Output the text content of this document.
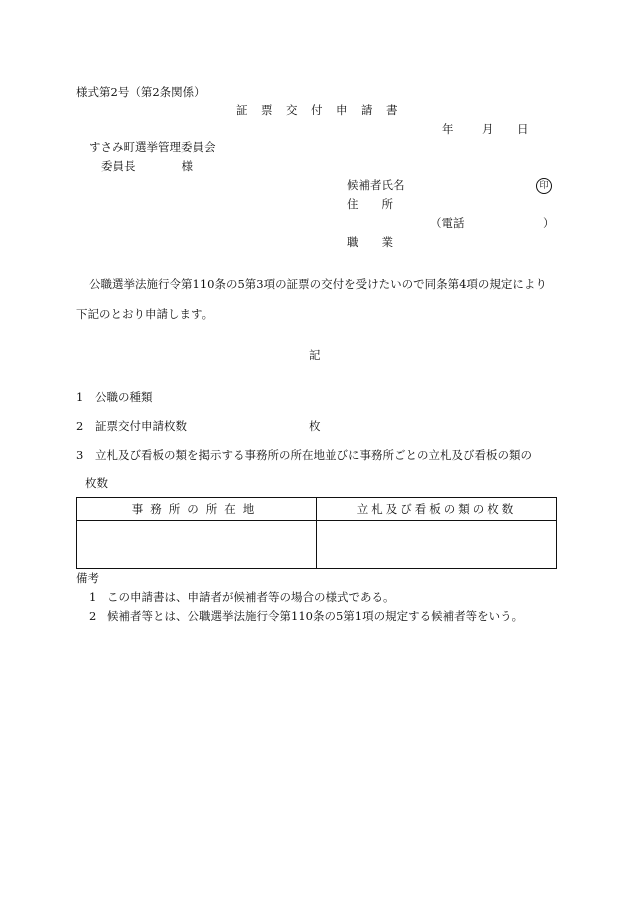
様式第2号（第2条関係）
証　票　交　付　申　請　書
年 月 日
すさみ町選挙管理委員会
委員長　　　　様
候補者氏名	印
住　　所
（電話	）
職　　業
公職選挙法施行令第110条の5第3項の証票の交付を受けたいので同条第4項の規定により
下記のとおり申請します。
記
1 公職の種類
2 証票交付申請枚数	枚
3 立札及び看板の類を掲示する事務所の所在地並びに事務所ごとの立札及び看板の類の
枚数
事務所の所在地	立札及び看板の類の枚数

備考
1 この申請書は、申請者が候補者等の場合の様式である。
2 候補者等とは、公職選挙法施行令第110条の5第1項の規定する候補者等をいう。
